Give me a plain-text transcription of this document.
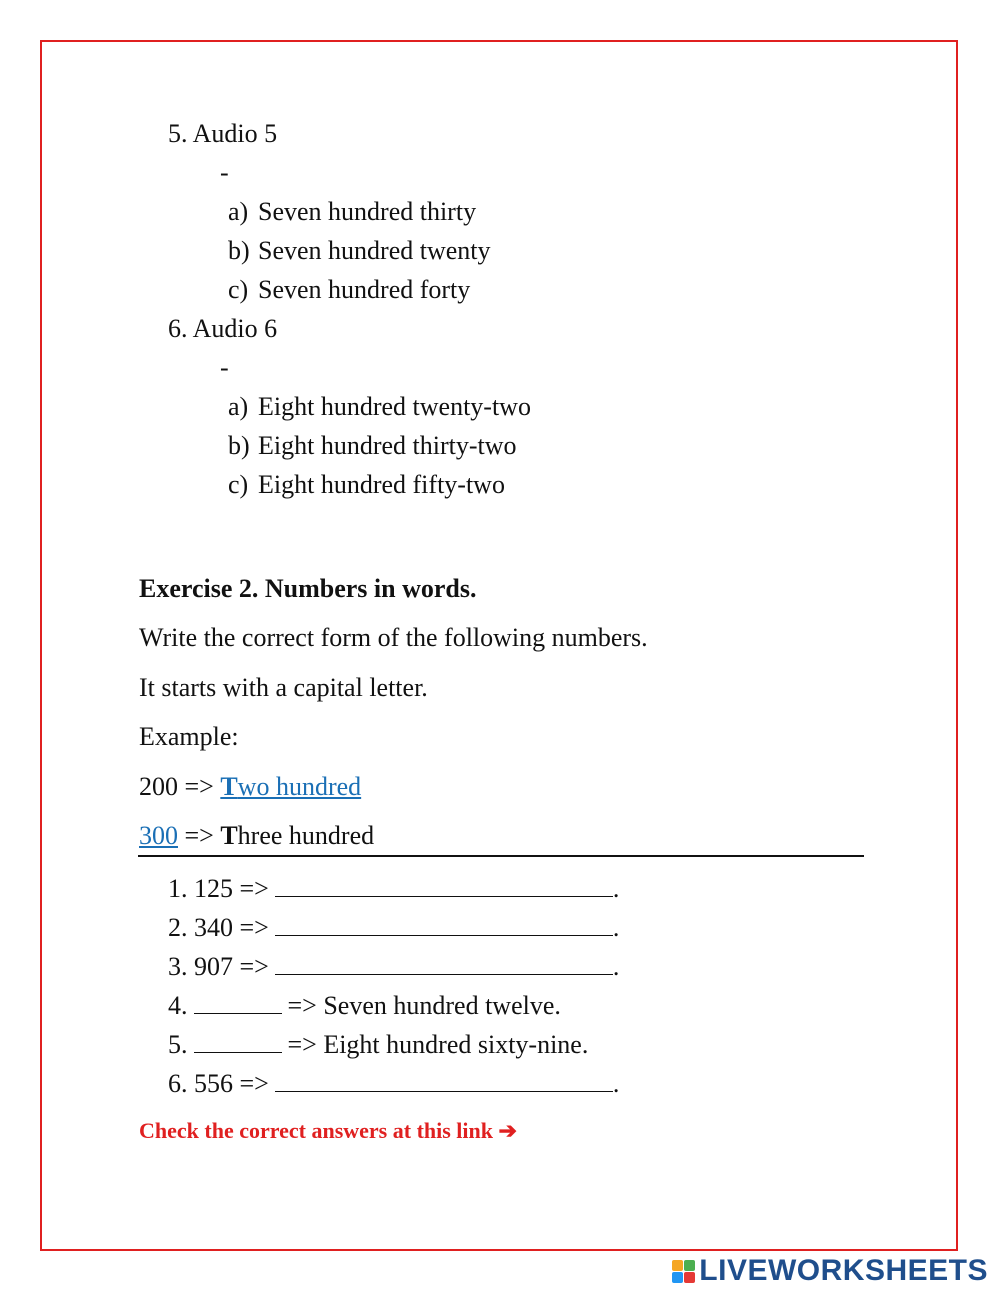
5. Audio 5
-
a) Seven hundred thirty
b) Seven hundred twenty
c) Seven hundred forty
6. Audio 6
-
a) Eight hundred twenty-two
b) Eight hundred thirty-two
c) Eight hundred fifty-two
Exercise 2. Numbers in words.
Write the correct form of the following numbers.
It starts with a capital letter.
Example:
200 => Two hundred
300 => Three hundred
1. 125 =>	.
2. 340 =>	.
3. 907 =>	.
4.	=> Seven hundred twelve.
5.	=> Eight hundred sixty-nine.
6. 556 =>	.
Check the correct answers at this link ➔
LIVEWORKSHEETS
